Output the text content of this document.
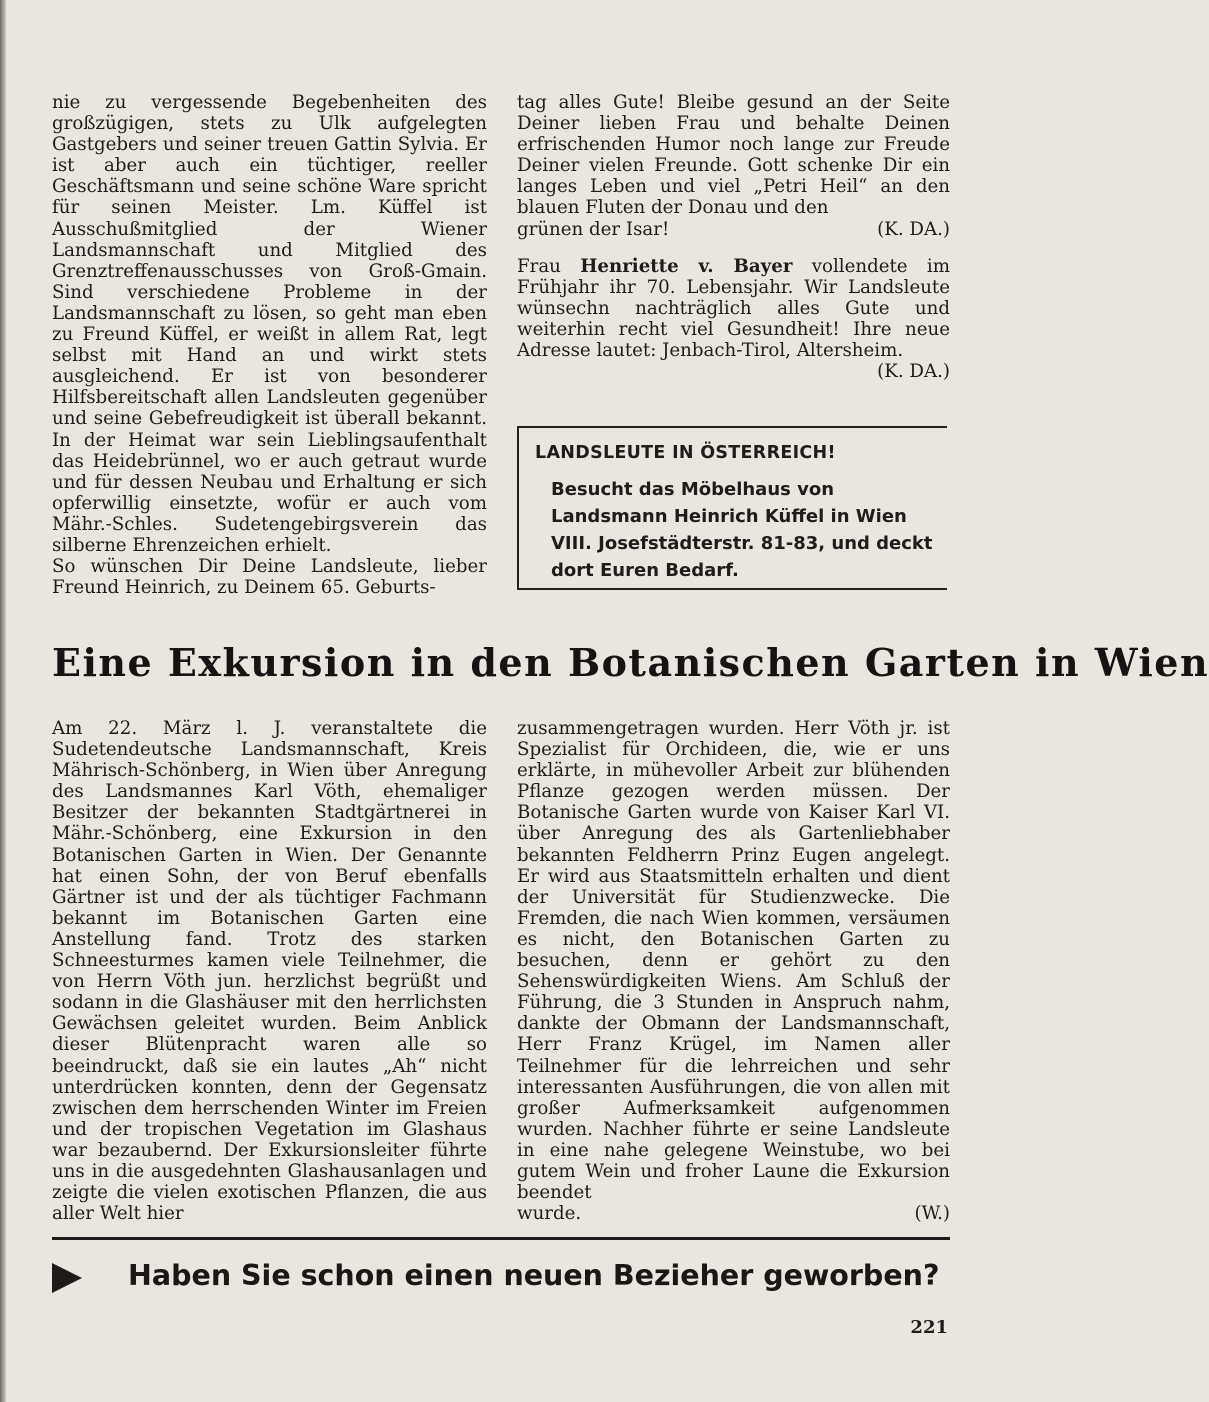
nie zu vergessende Begebenheiten des großzügigen, stets zu Ulk aufgelegten Gastgebers und seiner treuen Gattin Sylvia. Er ist aber auch ein tüchtiger, reeller Geschäftsmann und seine schöne Ware spricht für seinen Meister. Lm. Küffel ist Ausschußmitglied der Wiener Landsmannschaft und Mitglied des Grenztreffenausschusses von Groß-Gmain. Sind verschiedene Probleme in der Landsmannschaft zu lösen, so geht man eben zu Freund Küffel, er weißt in allem Rat, legt selbst mit Hand an und wirkt stets ausgleichend. Er ist von besonderer Hilfsbereitschaft allen Landsleuten gegenüber und seine Gebefreudigkeit ist überall bekannt. In der Heimat war sein Lieblingsaufenthalt das Heidebrünnel, wo er auch getraut wurde und für dessen Neubau und Erhaltung er sich opferwillig einsetzte, wofür er auch vom Mähr.-Schles. Sudetengebirgsverein das silberne Ehrenzeichen erhielt.

So wünschen Dir Deine Landsleute, lieber Freund Heinrich, zu Deinem 65. Geburts-

tag alles Gute! Bleibe gesund an der Seite Deiner lieben Frau und behalte Deinen erfrischenden Humor noch lange zur Freude Deiner vielen Freunde. Gott schenke Dir ein langes Leben und viel „Petri Heil“ an den blauen Fluten der Donau und den

grünen der Isar!	(K. DA.)

Frau Henriette v. Bayer vollendete im Frühjahr ihr 70. Lebensjahr. Wir Landsleute wünsechn nachträglich alles Gute und weiterhin recht viel Gesundheit! Ihre neue Adresse lautet: Jenbach-Tirol, Altersheim.

(K. DA.)

LANDSLEUTE IN ÖSTERREICH!
Besucht das Möbelhaus von Landsmann Heinrich Küffel in Wien VIII. Josefstädterstr. 81-83, und deckt dort Euren Bedarf.
Eine Exkursion in den Botanischen Garten in Wien

Am 22. März l. J. veranstaltete die Sudetendeutsche Landsmannschaft, Kreis Mährisch-Schönberg, in Wien über Anregung des Landsmannes Karl Vöth, ehemaliger Besitzer der bekannten Stadtgärtnerei in Mähr.-Schönberg, eine Exkursion in den Botanischen Garten in Wien. Der Genannte hat einen Sohn, der von Beruf ebenfalls Gärtner ist und der als tüchtiger Fachmann bekannt im Botanischen Garten eine Anstellung fand. Trotz des starken Schneesturmes kamen viele Teilnehmer, die von Herrn Vöth jun. herzlichst begrüßt und sodann in die Glashäuser mit den herrlichsten Gewächsen geleitet wurden. Beim Anblick dieser Blütenpracht waren alle so beeindruckt, daß sie ein lautes „Ah“ nicht unterdrücken konnten, denn der Gegensatz zwischen dem herrschenden Winter im Freien und der tropischen Vegetation im Glashaus war bezaubernd. Der Exkursionsleiter führte uns in die ausgedehnten Glashausanlagen und zeigte die vielen exotischen Pflanzen, die aus aller Welt hier

zusammengetragen wurden. Herr Vöth jr. ist Spezialist für Orchideen, die, wie er uns erklärte, in mühevoller Arbeit zur blühenden Pflanze gezogen werden müssen. Der Botanische Garten wurde von Kaiser Karl VI. über Anregung des als Gartenliebhaber bekannten Feldherrn Prinz Eugen angelegt. Er wird aus Staatsmitteln erhalten und dient der Universität für Studienzwecke. Die Fremden, die nach Wien kommen, versäumen es nicht, den Botanischen Garten zu besuchen, denn er gehört zu den Sehenswürdigkeiten Wiens. Am Schluß der Führung, die 3 Stunden in Anspruch nahm, dankte der Obmann der Landsmannschaft, Herr Franz Krügel, im Namen aller Teilnehmer für die lehrreichen und sehr interessanten Ausführungen, die von allen mit großer Aufmerksamkeit aufgenommen wurden. Nachher führte er seine Landsleute in eine nahe gelegene Weinstube, wo bei gutem Wein und froher Laune die Exkursion beendet

wurde.	(W.)
Haben Sie schon einen neuen Bezieher geworben?
221
